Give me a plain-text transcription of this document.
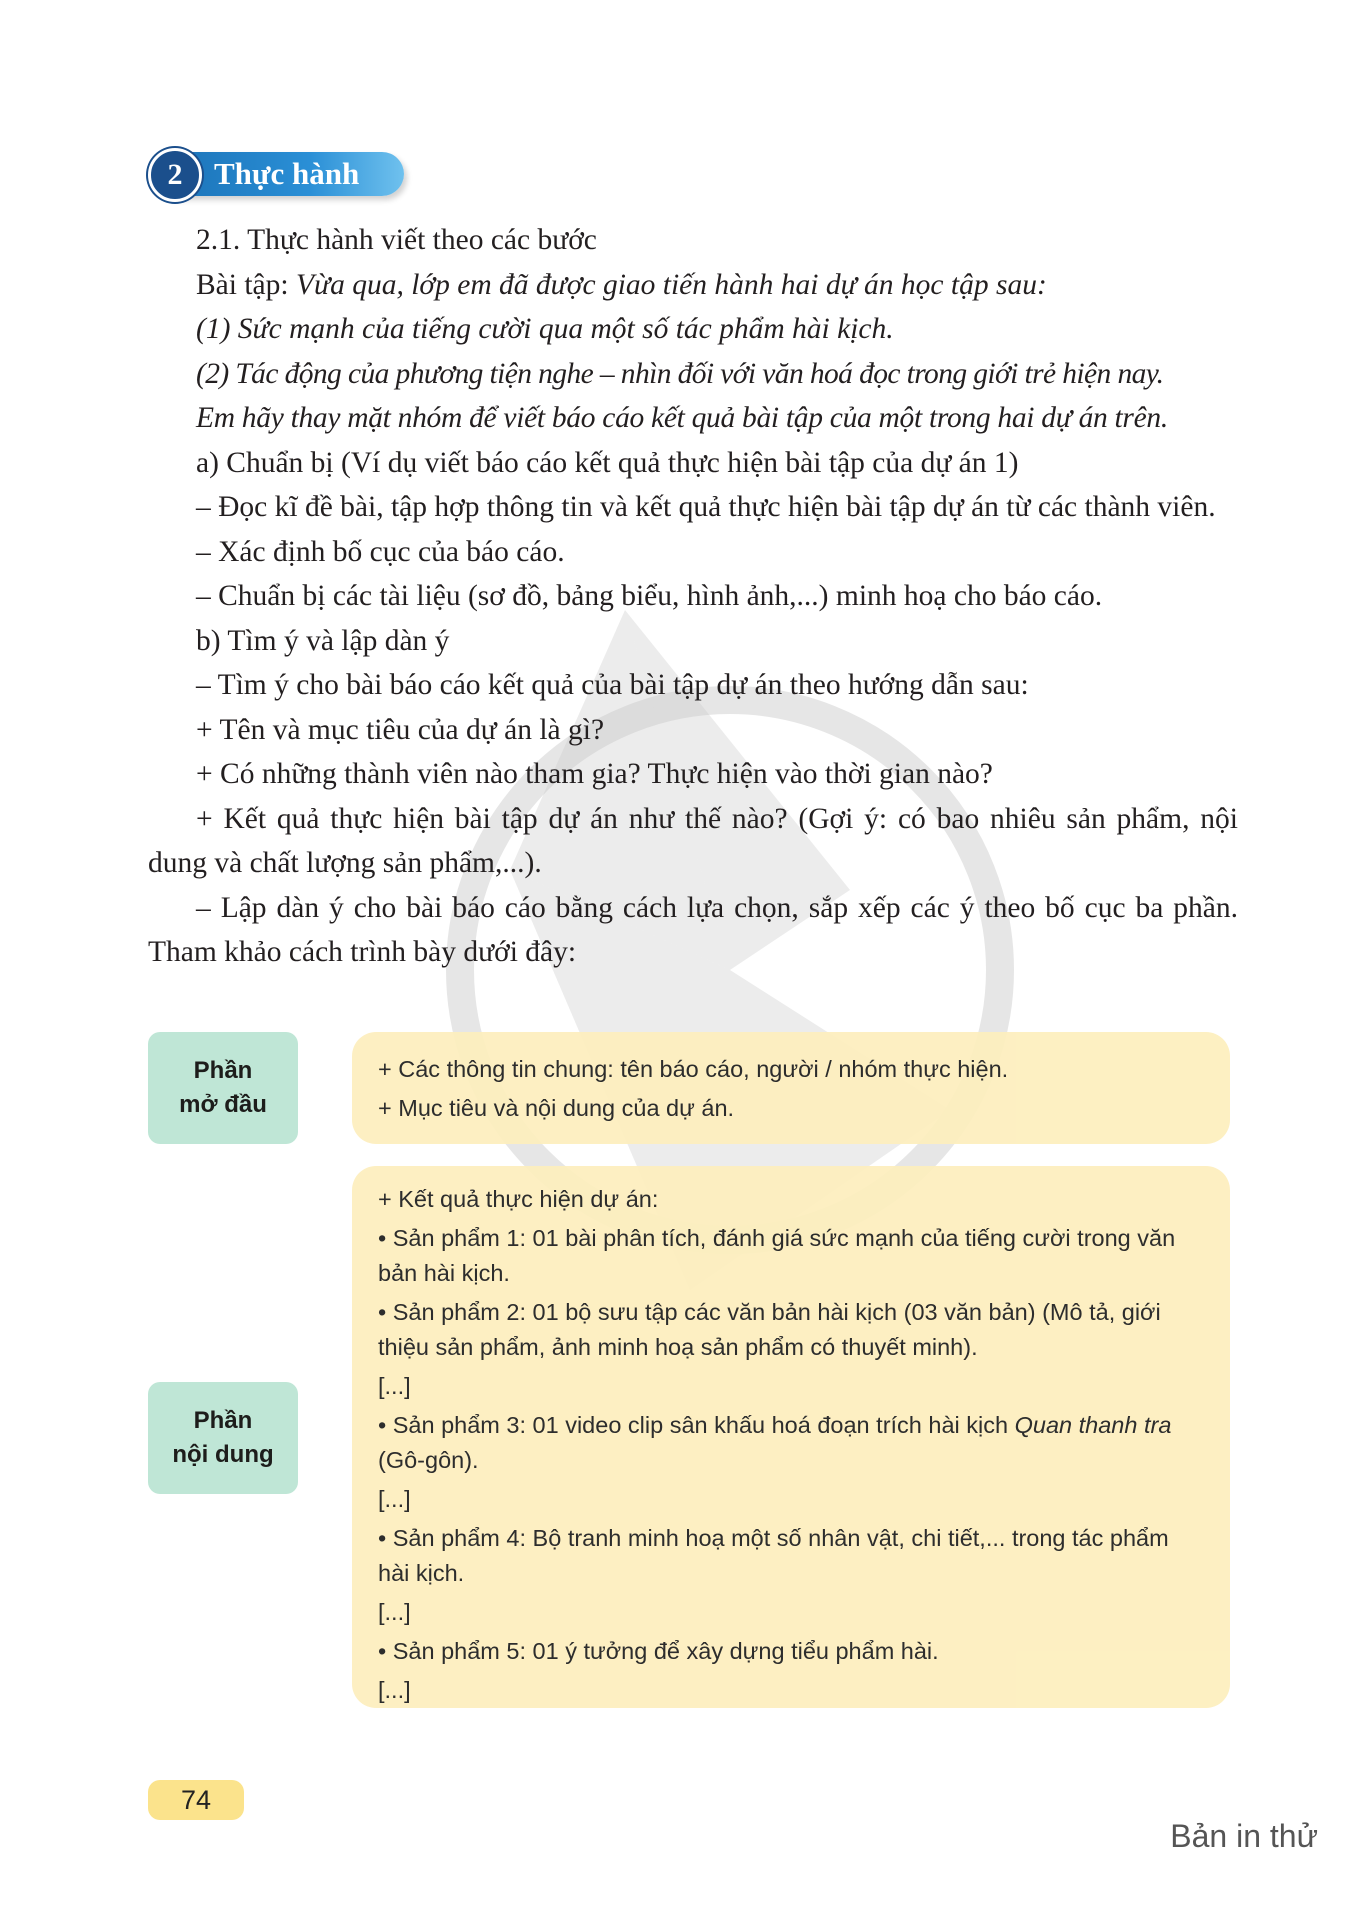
2	Thực hành

2.1. Thực hành viết theo các bước

Bài tập: Vừa qua, lớp em đã được giao tiến hành hai dự án học tập sau:

(1) Sức mạnh của tiếng cười qua một số tác phẩm hài kịch.

(2) Tác động của phương tiện nghe – nhìn đối với văn hoá đọc trong giới trẻ hiện nay.

Em hãy thay mặt nhóm để viết báo cáo kết quả bài tập của một trong hai dự án trên.

a) Chuẩn bị (Ví dụ viết báo cáo kết quả thực hiện bài tập của dự án 1)

– Đọc kĩ đề bài, tập hợp thông tin và kết quả thực hiện bài tập dự án từ các thành viên.

– Xác định bố cục của báo cáo.

– Chuẩn bị các tài liệu (sơ đồ, bảng biểu, hình ảnh,...) minh hoạ cho báo cáo.

b) Tìm ý và lập dàn ý

– Tìm ý cho bài báo cáo kết quả của bài tập dự án theo hướng dẫn sau:

+ Tên và mục tiêu của dự án là gì?

+ Có những thành viên nào tham gia? Thực hiện vào thời gian nào?

+ Kết quả thực hiện bài tập dự án như thế nào? (Gợi ý: có bao nhiêu sản phẩm, nội dung và chất lượng sản phẩm,...).

– Lập dàn ý cho bài báo cáo bằng cách lựa chọn, sắp xếp các ý theo bố cục ba phần. Tham khảo cách trình bày dưới đây:

Phần
mở đầu

+ Các thông tin chung: tên báo cáo, người / nhóm thực hiện.

+ Mục tiêu và nội dung của dự án.

Phần
nội dung

+ Kết quả thực hiện dự án:

• Sản phẩm 1: 01 bài phân tích, đánh giá sức mạnh của tiếng cười trong văn bản hài kịch.

• Sản phẩm 2: 01 bộ sưu tập các văn bản hài kịch (03 văn bản) (Mô tả, giới thiệu sản phẩm, ảnh minh hoạ sản phẩm có thuyết minh).

[...]

• Sản phẩm 3: 01 video clip sân khấu hoá đoạn trích hài kịch Quan thanh tra (Gô-gôn).

[...]

• Sản phẩm 4: Bộ tranh minh hoạ một số nhân vật, chi tiết,... trong tác phẩm hài kịch.

[...]

• Sản phẩm 5: 01 ý tưởng để xây dựng tiểu phẩm hài.

[...]

74
Bản in thử
